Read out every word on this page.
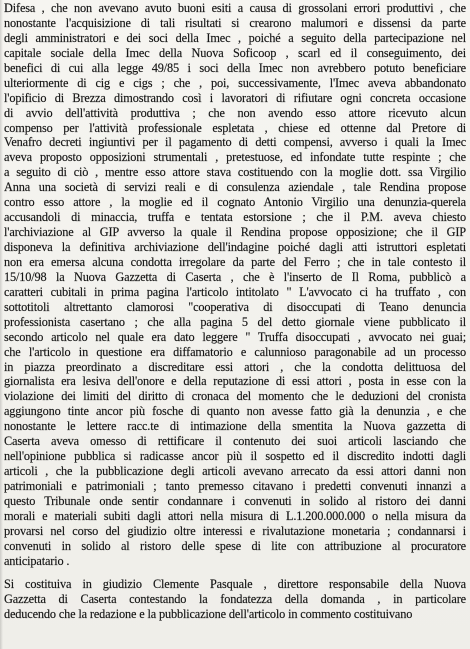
Difesa , che non avevano avuto buoni esiti a causa di grossolani errori produttivi , che
nonostante l'acquisizione di tali risultati si crearono malumori e dissensi da parte
degli amministratori e dei soci della Imec , poiché a seguito della partecipazione nel
capitale sociale della Imec della Nuova Soficoop , scarl ed il conseguimento, dei
benefici di cui alla legge 49/85 i soci della Imec non avrebbero potuto beneficiare
ulteriormente di cig e cigs ; che , poi, successivamente, l'Imec aveva abbandonato
l'opificio di Brezza dimostrando così i lavoratori di rifiutare ogni concreta occasione
di avvio dell'attività produttiva ; che non avendo esso attore ricevuto alcun
compenso per l'attività professionale espletata , chiese ed ottenne dal Pretore di
Venafro decreti ingiuntivi per il pagamento di detti compensi, avverso i quali la Imec
aveva proposto opposizioni strumentali , pretestuose, ed infondate tutte respinte ; che
a seguito di ciò , mentre esso attore stava costituendo con la moglie dott. ssa Virgilio
Anna una società di servizi reali e di consulenza aziendale , tale Rendina propose
contro esso attore , la moglie ed il cognato Antonio Virgilio una denunzia-querela
accusandoli di minaccia, truffa e tentata estorsione ; che il P.M. aveva chiesto
l'archiviazione al GIP avverso la quale il Rendina propose opposizione; che il GIP
disponeva la definitiva archiviazione dell'indagine poiché dagli atti istruttori espletati
non era emersa alcuna condotta irregolare da parte del Ferro ; che in tale contesto il
15/10/98 la Nuova Gazzetta di Caserta , che è l'inserto de Il Roma, pubblicò a
caratteri cubitali in prima pagina l'articolo intitolato " L'avvocato ci ha truffato , con
sottotitoli altrettanto clamorosi "cooperativa di disoccupati di Teano denuncia
professionista casertano ; che alla pagina 5 del detto giornale viene pubblicato il
secondo articolo nel quale era dato leggere " Truffa disoccupati , avvocato nei guai;
che l'articolo in questione era diffamatorio e calunnioso paragonabile ad un processo
in piazza preordinato a discreditare essi attori , che la condotta delittuosa del
giornalista era lesiva dell'onore e della reputazione di essi attori , posta in esse con la
violazione dei limiti del diritto di cronaca del momento che le deduzioni del cronista
aggiungono tinte ancor più fosche di quanto non avesse fatto già la denunzia , e che
nonostante le lettere racc.te di intimazione della smentita la Nuova gazzetta di
Caserta aveva omesso di rettificare il contenuto dei suoi articoli lasciando che
nell'opinione pubblica si radicasse ancor più il sospetto ed il discredito indotti dagli
articoli , che la pubblicazione degli articoli avevano arrecato da essi attori danni non
patrimoniali e patrimoniali ; tanto premesso citavano i predetti convenuti innanzi a
questo Tribunale onde sentir condannare i convenuti in solido al ristoro dei danni
morali e materiali subiti dagli attori nella misura di L.1.200.000.000 o nella misura da
provarsi nel corso del giudizio oltre interessi e rivalutazione monetaria ; condannarsi i
convenuti in solido al ristoro delle spese di lite con attribuzione al procuratore
anticipatario .
Si costituiva in giudizio Clemente Pasquale , direttore responsabile della Nuova
Gazzetta di Caserta contestando la fondatezza della domanda , in particolare
deducendo che la redazione e la pubblicazione dell'articolo in commento costituivano
